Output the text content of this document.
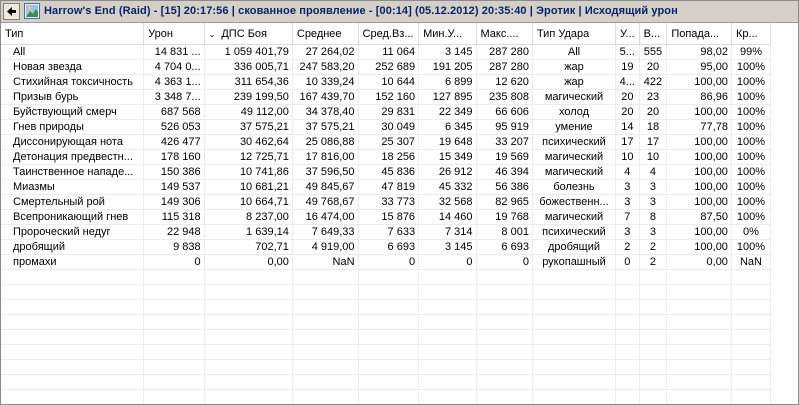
Harrow's End (Raid) - [15] 20:17:56 | скованное проявление - [00:14] (05.12.2012) 20:35:40 | Эротик | Исходящий урон
Тип	Урон	⌄ ДПС Боя	Среднее	Сред.Вз...	Мин.У...	Макс....	Тип Удара	У...	В...	Попада...	Кр...
All	14 831 ...	1 059 401,79	27 264,02	11 064	3 145	287 280	All	5...	555	98,02	99%
Новая звезда	4 704 0...	336 005,71	247 583,20	252 689	191 205	287 280	жар	19	20	95,00	100%
Стихийная токсичность	4 363 1...	311 654,36	10 339,24	10 644	6 899	12 620	жар	4...	422	100,00	100%
Призыв бурь	3 348 7...	239 199,50	167 439,70	152 160	127 895	235 808	магический	20	23	86,96	100%
Буйствующий смерч	687 568	49 112,00	34 378,40	29 831	22 349	66 606	холод	20	20	100,00	100%
Гнев природы	526 053	37 575,21	37 575,21	30 049	6 345	95 919	умение	14	18	77,78	100%
Диссонирующая нота	426 477	30 462,64	25 086,88	25 307	19 648	33 207	психический	17	17	100,00	100%
Детонация предвестн...	178 160	12 725,71	17 816,00	18 256	15 349	19 569	магический	10	10	100,00	100%
Таинственное нападе...	150 386	10 741,86	37 596,50	45 836	26 912	46 394	магический	4	4	100,00	100%
Миазмы	149 537	10 681,21	49 845,67	47 819	45 332	56 386	болезнь	3	3	100,00	100%
Смертельный рой	149 306	10 664,71	49 768,67	33 773	32 568	82 965	божественн...	3	3	100,00	100%
Всепроникающий гнев	115 318	8 237,00	16 474,00	15 876	14 460	19 768	магический	7	8	87,50	100%
Пророческий недуг	22 948	1 639,14	7 649,33	7 633	7 314	8 001	психический	3	3	100,00	0%
дробящий	9 838	702,71	4 919,00	6 693	3 145	6 693	дробящий	2	2	100,00	100%
промахи	0	0,00	NaN	0	0	0	рукопашный	0	2	0,00	NaN
